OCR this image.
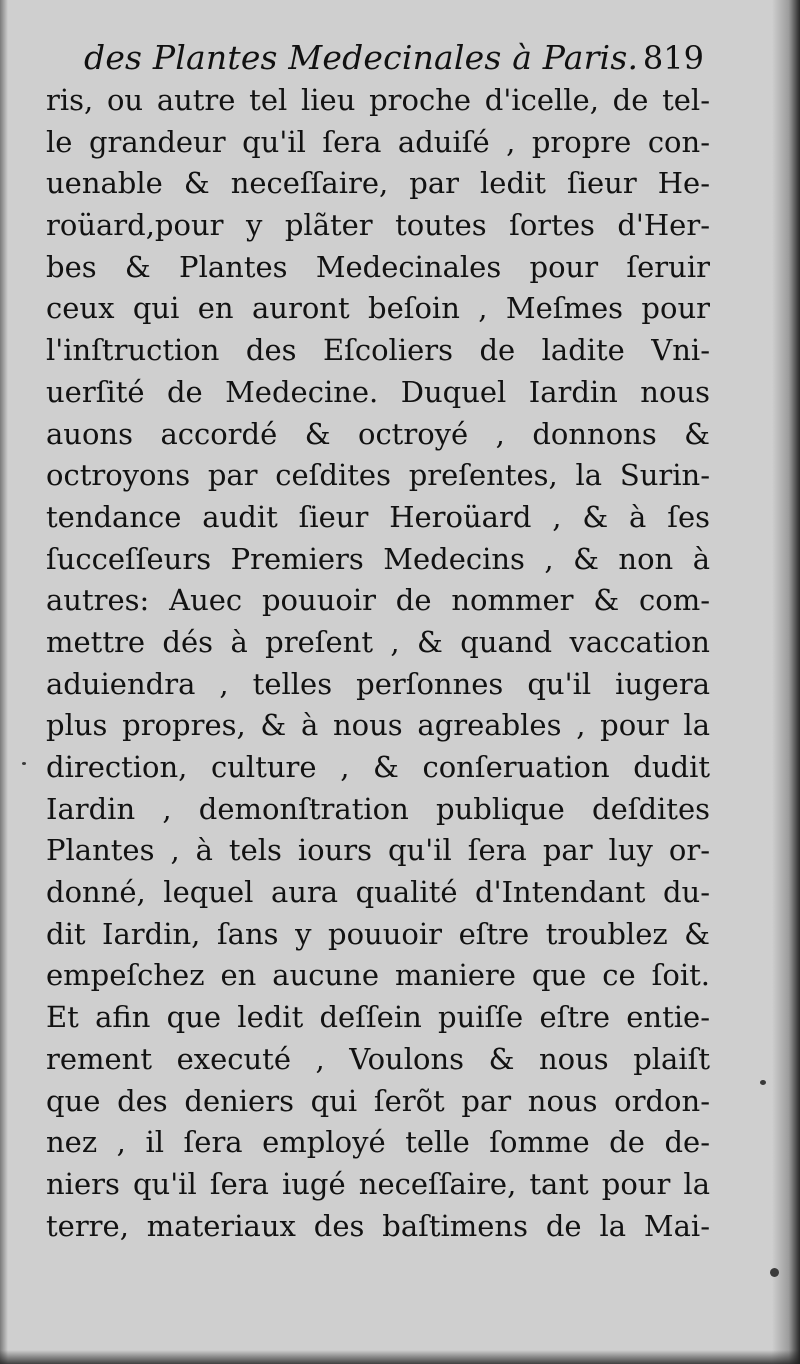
des Plantes Medecinales à Paris. 819
ris, ou autre tel lieu proche d'icelle, de tel-
le grandeur qu'il ſera aduiſé , propre con-
uenable & neceſſaire, par ledit ſieur He-
roüard,pour y plãter toutes ſortes d'Her-
bes & Plantes Medecinales pour ſeruir
ceux qui en auront beſoin , Meſmes pour
l'inſtruction des Eſcoliers de ladite Vni-
uerſité de Medecine. Duquel Iardin nous
auons accordé & octroyé , donnons &
octroyons par ceſdites preſentes, la Surin-
tendance audit ſieur Heroüard , & à ſes
ſucceſſeurs Premiers Medecins , & non à
autres: Auec pouuoir de nommer & com-
mettre dés à preſent , & quand vaccation
aduiendra , telles perſonnes qu'il iugera
plus propres, & à nous agreables , pour la
direction, culture , & conſeruation dudit
Iardin , demonſtration publique deſdites
Plantes , à tels iours qu'il ſera par luy or-
donné, lequel aura qualité d'Intendant du-
dit Iardin, ſans y pouuoir eſtre troublez &
empeſchez en aucune maniere que ce ſoit.
Et afin que ledit deſſein puiſſe eſtre entie-
rement executé , Voulons & nous plaiſt
que des deniers qui ſerõt par nous ordon-
nez , il ſera employé telle ſomme de de-
niers qu'il ſera iugé neceſſaire, tant pour la
terre, materiaux des baſtimens de la Mai-
